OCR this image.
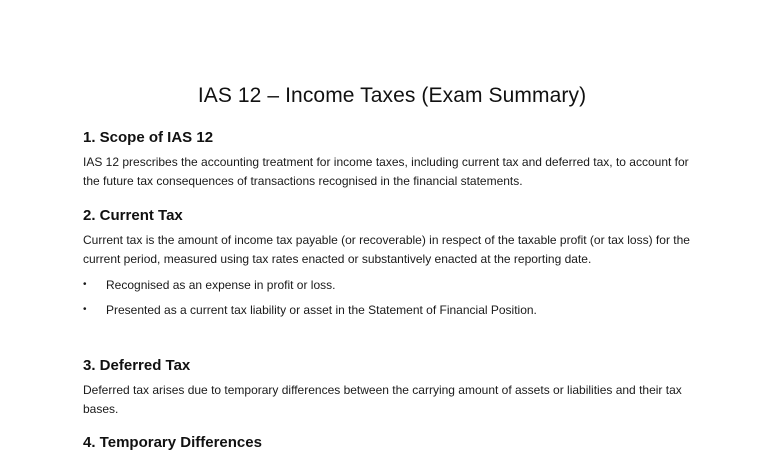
IAS 12 – Income Taxes (Exam Summary)
1. Scope of IAS 12

IAS 12 prescribes the accounting treatment for income taxes, including current tax and deferred tax, to account for the future tax consequences of transactions recognised in the financial statements.

2. Current Tax

Current tax is the amount of income tax payable (or recoverable) in respect of the taxable profit (or tax loss) for the current period, measured using tax rates enacted or substantively enacted at the reporting date.

• Recognised as an expense in profit or loss.
• Presented as a current tax liability or asset in the Statement of Financial Position.
3. Deferred Tax

Deferred tax arises due to temporary differences between the carrying amount of assets or liabilities and their tax bases.

4. Temporary Differences
